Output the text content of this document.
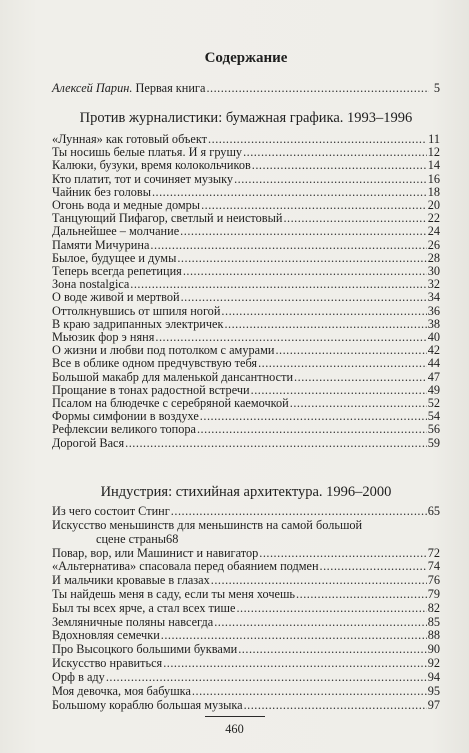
Содержание
Алексей Парин. Первая книга .....	5
Против журналистики: бумажная графика. 1993–1996
«Лунная» как готовый объект .....	11
Ты носишь белые платья. И я грушу .....	12
Калюки, бузуки, время колокольчиков .....	14
Кто платит, тот и сочиняет музыку .....	16
Чайник без головы .....	18
Огонь вода и медные домры .....	20
Танцующий Пифагор, светлый и неистовый .....	22
Дальнейшее – молчание .....	24
Памяти Мичурина .....	26
Былое, будущее и думы .....	28
Теперь всегда репетиция .....	30
Зона nostalgica .....	32
О воде живой и мертвой .....	34
Оттолкнувшись от шпиля ногой .....	36
В краю задрипанных электричек .....	38
Мьюзик фор э няня .....	40
О жизни и любви под потолком с амурами .....	42
Все в облике одном предчувствую тебя .....	44
Большой макабр для маленькой дансантности .....	47
Прощание в тонах радостной встречи .....	49
Псалом на блюдечке с серебряной каемочкой .....	52
Формы симфонии в воздухе .....	54
Рефлексии великого топора .....	56
Дорогой Вася .....	59
Индустрия: стихийная архитектура. 1996–2000
Из чего состоит Стинг .....	65
Искусство меньшинств для меньшинств на самой большой
сцене страны 68
Повар, вор, или Машинист и навигатор .....	72
«Альтернатива» спасовала перед обаянием подмен .....	74
И мальчики кровавые в глазах .....	76
Ты найдешь меня в саду, если ты меня хочешь .....	79
Был ты всех ярче, а стал всех тише .....	82
Земляничные поляны навсегда .....	85
Вдохновляя семечки .....	88
Про Высоцкого большими буквами .....	90
Искусство нравиться .....	92
Орф в аду .....	94
Моя девочка, моя бабушка .....	95
Большому кораблю большая музыка .....	97
460
